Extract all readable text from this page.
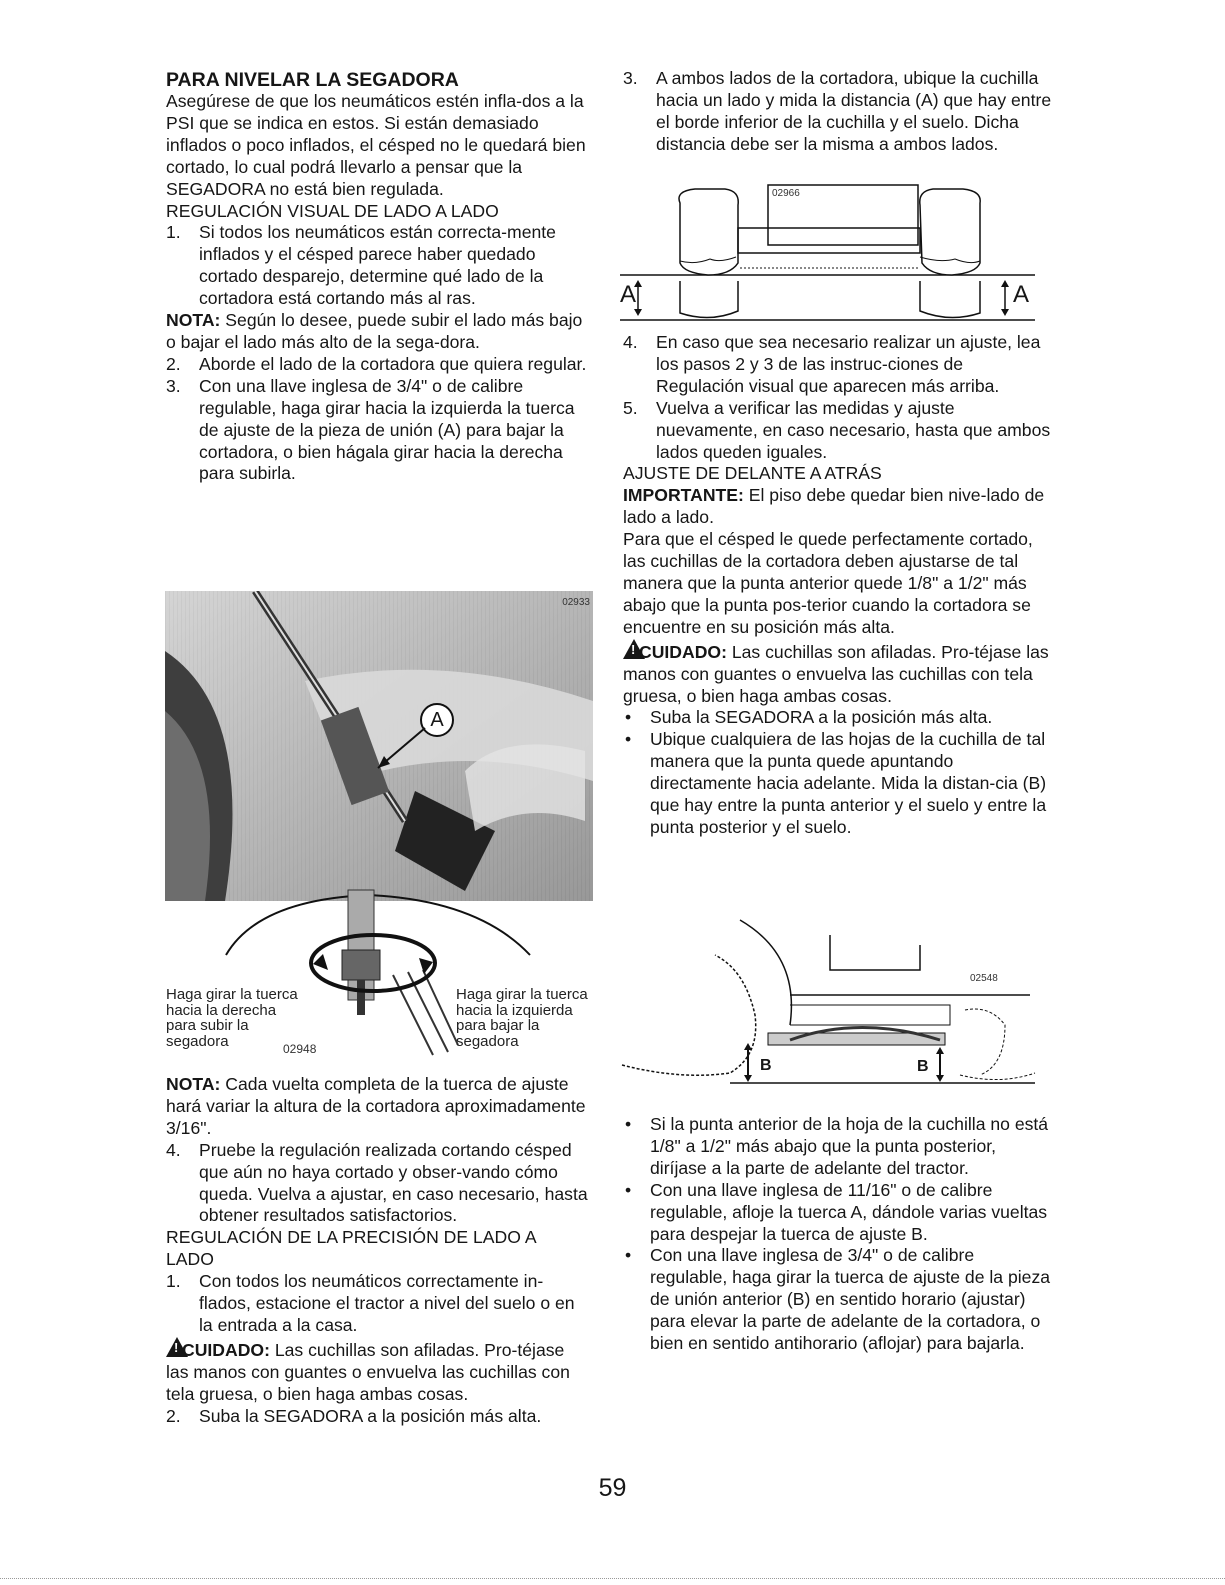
PARA NIVELAR LA SEGADORA

Asegúrese de que los neumáticos estén infla-dos a la PSI que se indica en estos. Si están demasiado inflados o poco inflados, el césped no le quedará bien cortado, lo cual podrá llevarlo a pensar que la SEGADORA no está bien regulada.

REGULACIÓN VISUAL DE LADO A LADO

1.	Si todos los neumáticos están correcta-mente inflados y el césped parece haber quedado cortado desparejo, determine qué lado de la cortadora está cortando más al ras.

NOTA: Según lo desee, puede subir el lado más bajo o bajar el lado más alto de la sega-dora.

2.	Aborde el lado de la cortadora que quiera regular.
3.	Con una llave inglesa de 3/4" o de calibre regulable, haga girar hacia la izquierda la tuerca de ajuste de la pieza de unión (A) para bajar la cortadora, o bien hágala girar hacia la derecha para subirla.
02933
A
Haga girar la tuerca hacia la derecha para subir la segadora	02948
Haga girar la tuerca hacia la izquierda para bajar la segadora

NOTA: Cada vuelta completa de la tuerca de ajuste hará variar la altura de la cortadora aproximadamente 3/16".

4.	Pruebe la regulación realizada cortando césped que aún no haya cortado y obser-vando cómo queda. Vuelva a ajustar, en caso necesario, hasta obtener resultados satisfactorios.

REGULACIÓN DE LA PRECISIÓN DE LADO A LADO

1.	Con todos los neumáticos correctamente in-flados, estacione el tractor a nivel del suelo o en la entrada a la casa.

!CUIDADO: Las cuchillas son afiladas. Pro-téjase las manos con guantes o envuelva las cuchillas con tela gruesa, o bien haga ambas cosas.

2.	Suba la SEGADORA a la posición más alta.
3.	A ambos lados de la cortadora, ubique la cuchilla hacia un lado y mida la distancia (A) que hay entre el borde inferior de la cuchilla y el suelo. Dicha distancia debe ser la misma a ambos lados.
02966
A	A
4.	En caso que sea necesario realizar un ajuste, lea los pasos 2 y 3 de las instruc-ciones de Regulación visual que aparecen más arriba.
5.	Vuelva a verificar las medidas y ajuste nuevamente, en caso necesario, hasta que ambos lados queden iguales.

AJUSTE DE DELANTE A ATRÁS

IMPORTANTE: El piso debe quedar bien nive-lado de lado a lado.

Para que el césped le quede perfectamente cortado, las cuchillas de la cortadora deben ajustarse de tal manera que la punta anterior quede 1/8" a 1/2" más abajo que la punta pos-terior cuando la cortadora se encuentre en su posición más alta.

!CUIDADO: Las cuchillas son afiladas. Pro-téjase las manos con guantes o envuelva las cuchillas con tela gruesa, o bien haga ambas cosas.

•	Suba la SEGADORA a la posición más alta.
•	Ubique cualquiera de las hojas de la cuchilla de tal manera que la punta quede apuntando directamente hacia adelante. Mida la distan-cia (B) que hay entre la punta anterior y el suelo y entre la punta posterior y el suelo.
02548
B	B
•	Si la punta anterior de la hoja de la cuchilla no está 1/8" a 1/2" más abajo que la punta posterior, diríjase a la parte de adelante del tractor.
•	Con una llave inglesa de 11/16" o de calibre regulable, afloje la tuerca A, dándole varias vueltas para despejar la tuerca de ajuste B.
•	Con una llave inglesa de 3/4" o de calibre regulable, haga girar la tuerca de ajuste de la pieza de unión anterior (B) en sentido horario (ajustar) para elevar la parte de adelante de la cortadora, o bien en sentido antihorario (aflojar) para bajarla.
59
